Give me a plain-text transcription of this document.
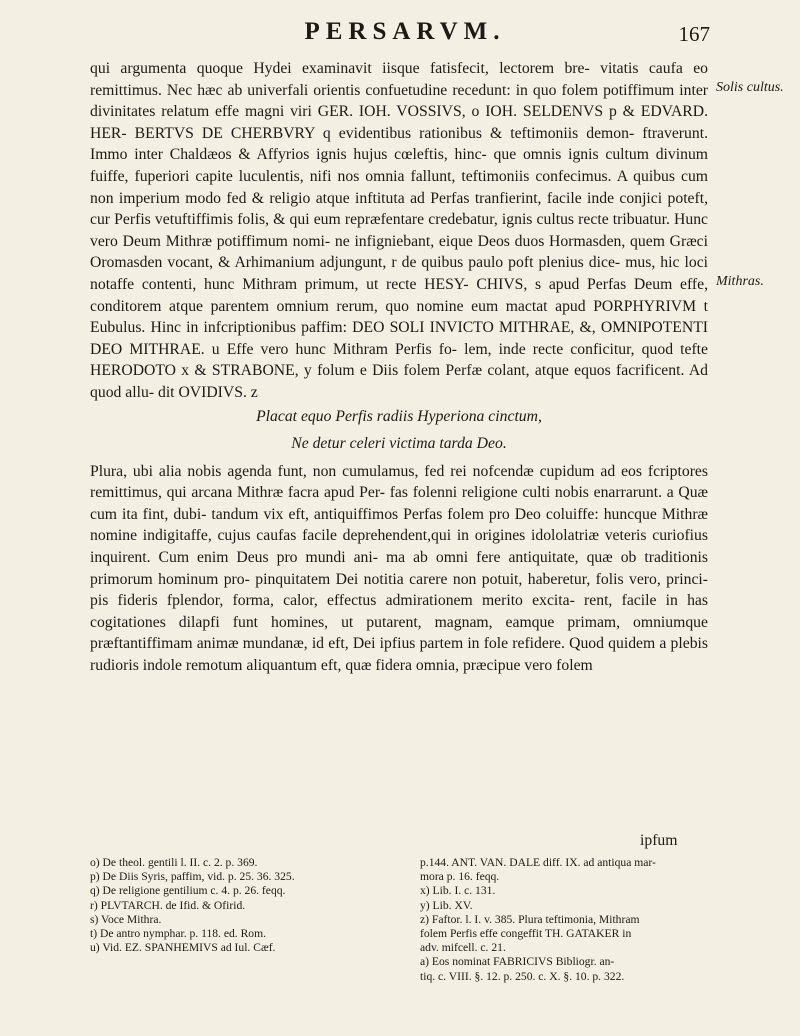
PERSARVM.	167
Solis cultus.
Mithras.

qui argumenta quoque Hydei examinavit iisque fatisfecit, lectorem bre- vitatis caufa eo remittimus. Nec hæc ab univerfali orientis confuetudine recedunt: in quo folem potiffimum inter divinitates relatum effe magni viri GER. IOH. VOSSIVS, o IOH. SELDENVS p & EDVARD. HER- BERTVS DE CHERBVRY q evidentibus rationibus & teftimoniis demon- ftraverunt. Immo inter Chaldæos & Affyrios ignis hujus cœleftis, hinc- que omnis ignis cultum divinum fuiffe, fuperiori capite luculentis, nifi nos omnia fallunt, teftimoniis confecimus. A quibus cum non imperium modo fed & religio atque inftituta ad Perfas tranfierint, facile inde conjici poteft, cur Perfis vetuftiffimis folis, & qui eum repræfentare credebatur, ignis cultus recte tribuatur. Hunc vero Deum Mithræ potiffimum nomi- ne infigniebant, eique Deos duos Hormasden, quem Græci Oromasden vocant, & Arhimanium adjungunt, r de quibus paulo poft plenius dice- mus, hic loci notaffe contenti, hunc Mithram primum, ut recte HESY- CHIVS, s apud Perfas Deum effe, conditorem atque parentem omnium rerum, quo nomine eum mactat apud PORPHYRIVM t Eubulus. Hinc in infcriptionibus paffim: DEO SOLI INVICTO MITHRAE, &, OMNIPOTENTI DEO MITHRAE. u Effe vero hunc Mithram Perfis fo- lem, inde recte conficitur, quod tefte HERODOTO x & STRABONE, y folum e Diis folem Perfæ colant, atque equos facrificent. Ad quod allu- dit OVIDIVS. z

Placat equo Perfis radiis Hyperiona cinctum,
Ne detur celeri victima tarda Deo.

Plura, ubi alia nobis agenda funt, non cumulamus, fed rei nofcendæ cupidum ad eos fcriptores remittimus, qui arcana Mithræ facra apud Per- fas folenni religione culti nobis enarrarunt. a Quæ cum ita fint, dubi- tandum vix eft, antiquiffimos Perfas folem pro Deo coluiffe: huncque Mithræ nomine indigitaffe, cujus caufas facile deprehendent,qui in origines idololatriæ veteris curiofius inquirent. Cum enim Deus pro mundi ani- ma ab omni fere antiquitate, quæ ob traditionis primorum hominum pro- pinquitatem Dei notitia carere non potuit, haberetur, folis vero, princi- pis fideris fplendor, forma, calor, effectus admirationem merito excita- rent, facile in has cogitationes dilapfi funt homines, ut putarent, magnam, eamque primam, omniumque præftantiffimam animæ mundanæ, id eft, Dei ipfius partem in fole refidere. Quod quidem a plebis rudioris indole remotum aliquantum eft, quæ fidera omnia, præcipue vero folem

ipfum
o) De theol. gentili l. II. c. 2. p. 369.
p) De Diis Syris, paffim, vid. p. 25. 36. 325.
q) De religione gentilium c. 4. p. 26. feqq.
r) PLVTARCH. de Ifid. & Ofirid.
s) Voce Mithra.
t) De antro nymphar. p. 118. ed. Rom.
u) Vid. EZ. SPANHEMIVS ad Iul. Cæf.
p.144. ANT. VAN. DALE diff. IX. ad antiqua mar-
mora p. 16. feqq.
x) Lib. I. c. 131.
y) Lib. XV.
z) Faftor. l. I. v. 385. Plura teftimonia, Mithram
folem Perfis effe congeffit TH. GATAKER in
adv. mifcell. c. 21.
a) Eos nominat FABRICIVS Bibliogr. an-
tiq. c. VIII. §. 12. p. 250. c. X. §. 10. p. 322.
